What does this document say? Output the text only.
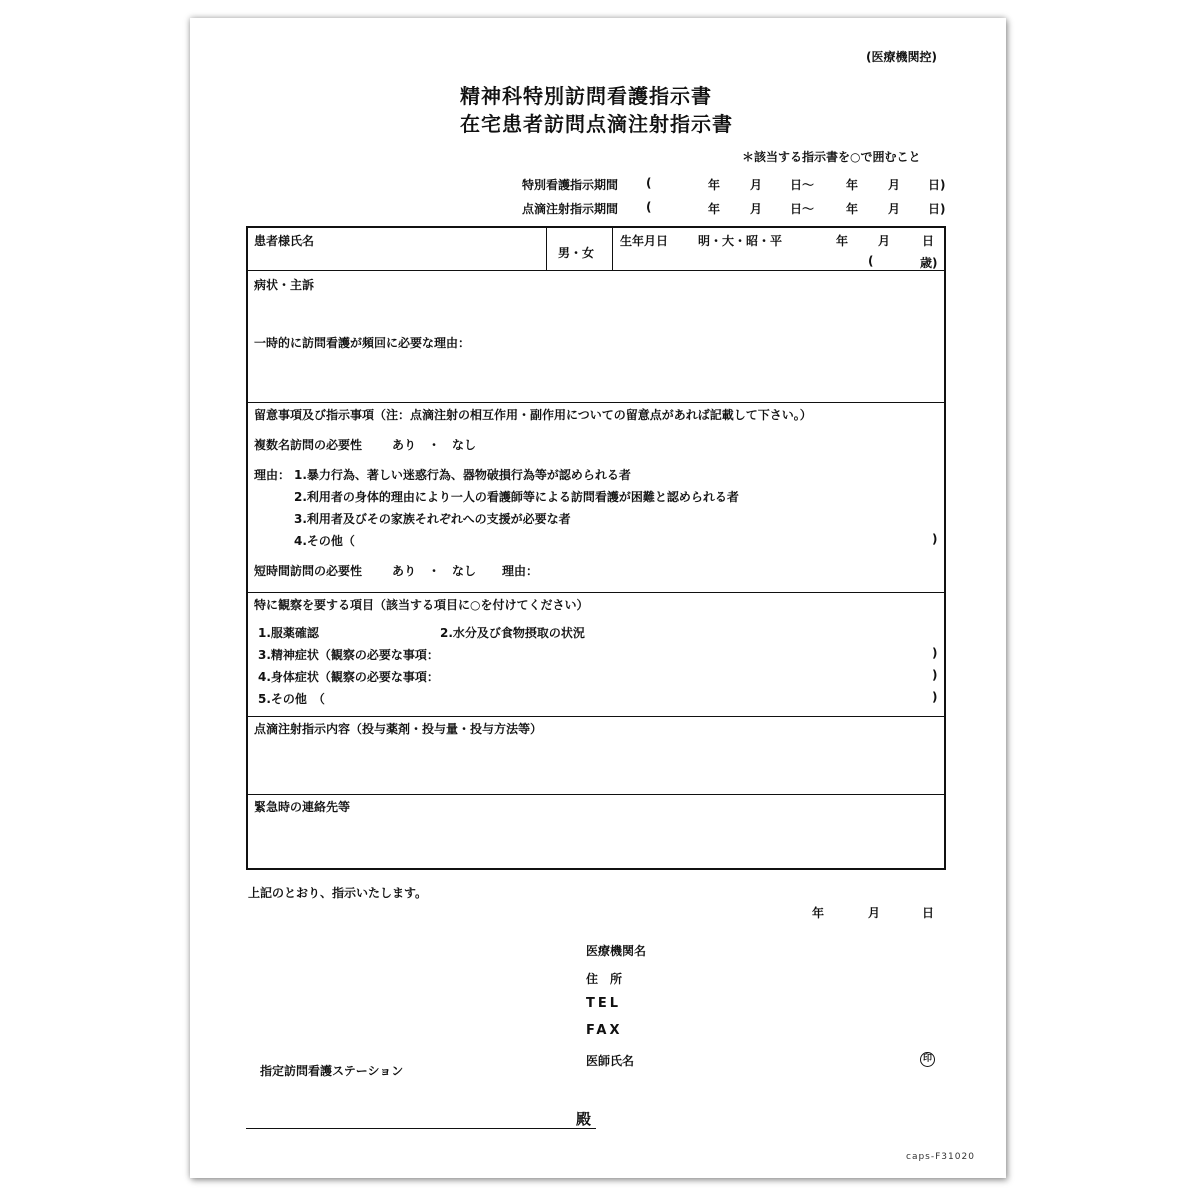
(医療機関控)
精神科特別訪問看護指示書
在宅患者訪問点滴注射指示書
＊該当する指示書を○で囲むこと
特別看護指示期間 (	年 月 日～	年 月 日)
点滴注射指示期間 (	年 月 日～	年 月 日)
患者様氏名
男・女
生年月日 明・大・昭・平	年 月	日
(	歳)
病状・主訴
一時的に訪問看護が頻回に必要な理由：
留意事項及び指示事項（注：点滴注射の相互作用・副作用についての留意点があれば記載して下さい。）
複数名訪問の必要性 あり　・　なし
理由： 1.暴力行為、著しい迷惑行為、器物破損行為等が認められる者
2.利用者の身体的理由により一人の看護師等による訪問看護が困難と認められる者
3.利用者及びその家族それぞれへの支援が必要な者
4.その他（	)
短時間訪問の必要性 あり　・　なし 理由：
特に観察を要する項目（該当する項目に○を付けてください）
1.服薬確認	2.水分及び食物摂取の状況
3.精神症状（観察の必要な事項：	)
4.身体症状（観察の必要な事項：	)
5.その他　（	)
点滴注射指示内容（投与薬剤・投与量・投与方法等）
緊急時の連絡先等
上記のとおり、指示いたします。
年	月	日
医療機関名
住　所
TEL
FAX
医師氏名	印
指定訪問看護ステーション
殿
caps-F31020
